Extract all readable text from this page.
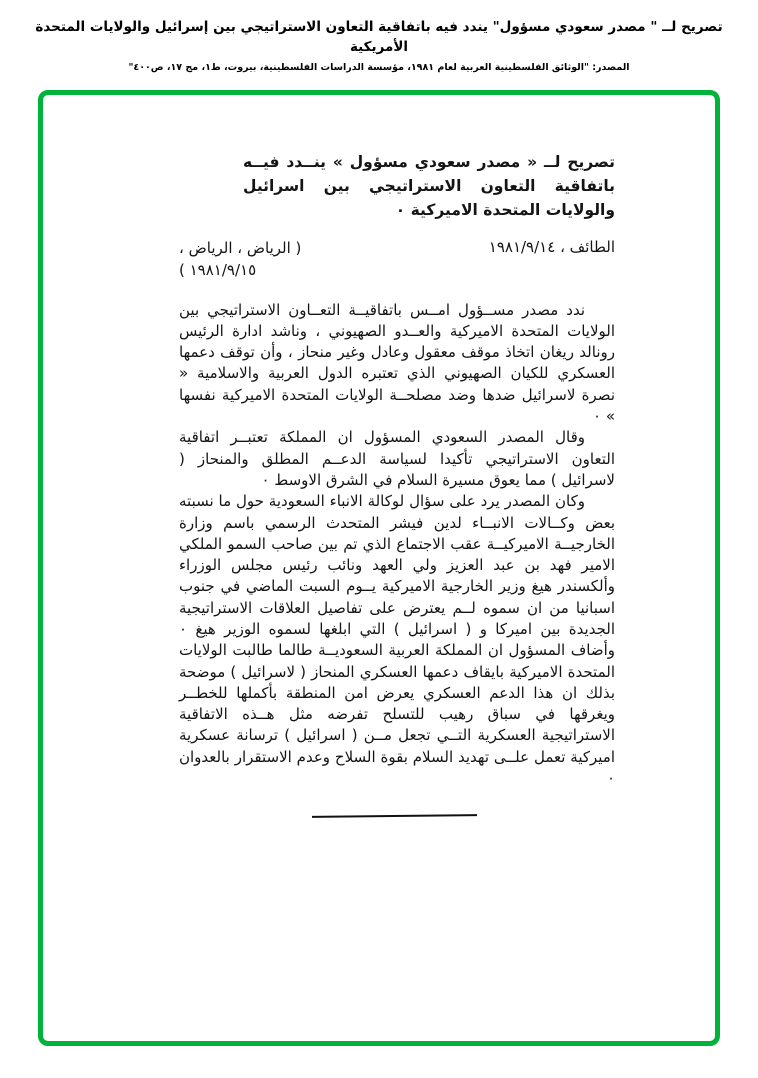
تصريح لــ " مصدر سعودي مسؤول" يندد فيه باتفاقية التعاون الاستراتيجي بين إسرائيل والولايات المتحدة الأمريكية
المصدر: "الوثائق الفلسطينية العربية لعام ١٩٨١، مؤسسة الدراسات الفلسطينية، بيروت، ط١، مج ١٧، ص٤٠٠"

تصريح لــ « مصدر سعودي مسؤول » ينــدد فيــه باتفاقية التعاون الاستراتيجي بين اسرائيل والولايات المتحدة الاميركية ٠

الطائف ، ١٩٨١/٩/١٤
( الرياض ، الرياض ، ١٩٨١/٩/١٥ )

ندد مصدر مســؤول امــس باتفاقيــة التعــاون الاستراتيجي بين الولايات المتحدة الاميركية والعــدو الصهيوني ، وناشد ادارة الرئيس رونالد ريغان اتخاذ موقف معقول وعادل وغير منحاز ، وأن توقف دعمها العسكري للكيان الصهيوني الذي تعتبره الدول العربية والاسلامية « نصرة لاسرائيل ضدها وضد مصلحــة الولايات المتحدة الاميركية نفسها » ٠

وقال المصدر السعودي المسؤول ان المملكة تعتبــر اتفاقية التعاون الاستراتيجي تأكيدا لسياسة الدعــم المطلق والمنحاز ( لاسرائيل ) مما يعوق مسيرة السلام في الشرق الاوسط ٠

وكان المصدر يرد على سؤال لوكالة الانباء السعودية حول ما نسبته بعض وكــالات الانبــاء لدين فيشر المتحدث الرسمي باسم وزارة الخارجيــة الاميركيــة عقب الاجتماع الذي تم بين صاحب السمو الملكي الامير فهد بن عبد العزيز ولي العهد ونائب رئيس مجلس الوزراء وألكسندر هيغ وزير الخارجية الاميركية يــوم السبت الماضي في جنوب اسبانيا من ان سموه لــم يعترض على تفاصيل العلاقات الاستراتيجية الجديدة بين اميركا و ( اسرائيل ) التي ابلغها لسموه الوزير هيغ ٠ وأضاف المسؤول ان المملكة العربية السعوديــة طالما طالبت الولايات المتحدة الاميركية بايقاف دعمها العسكري المنحاز ( لاسرائيل ) موضحة بذلك ان هذا الدعم العسكري يعرض امن المنطقة بأكملها للخطــر ويغرقها في سباق رهيب للتسلح تفرضه مثل هــذه الاتفاقية الاستراتيجية العسكرية التــي تجعل مــن ( اسرائيل ) ترسانة عسكرية اميركية تعمل علــى تهديد السلام بقوة السلاح وعدم الاستقرار بالعدوان ٠
